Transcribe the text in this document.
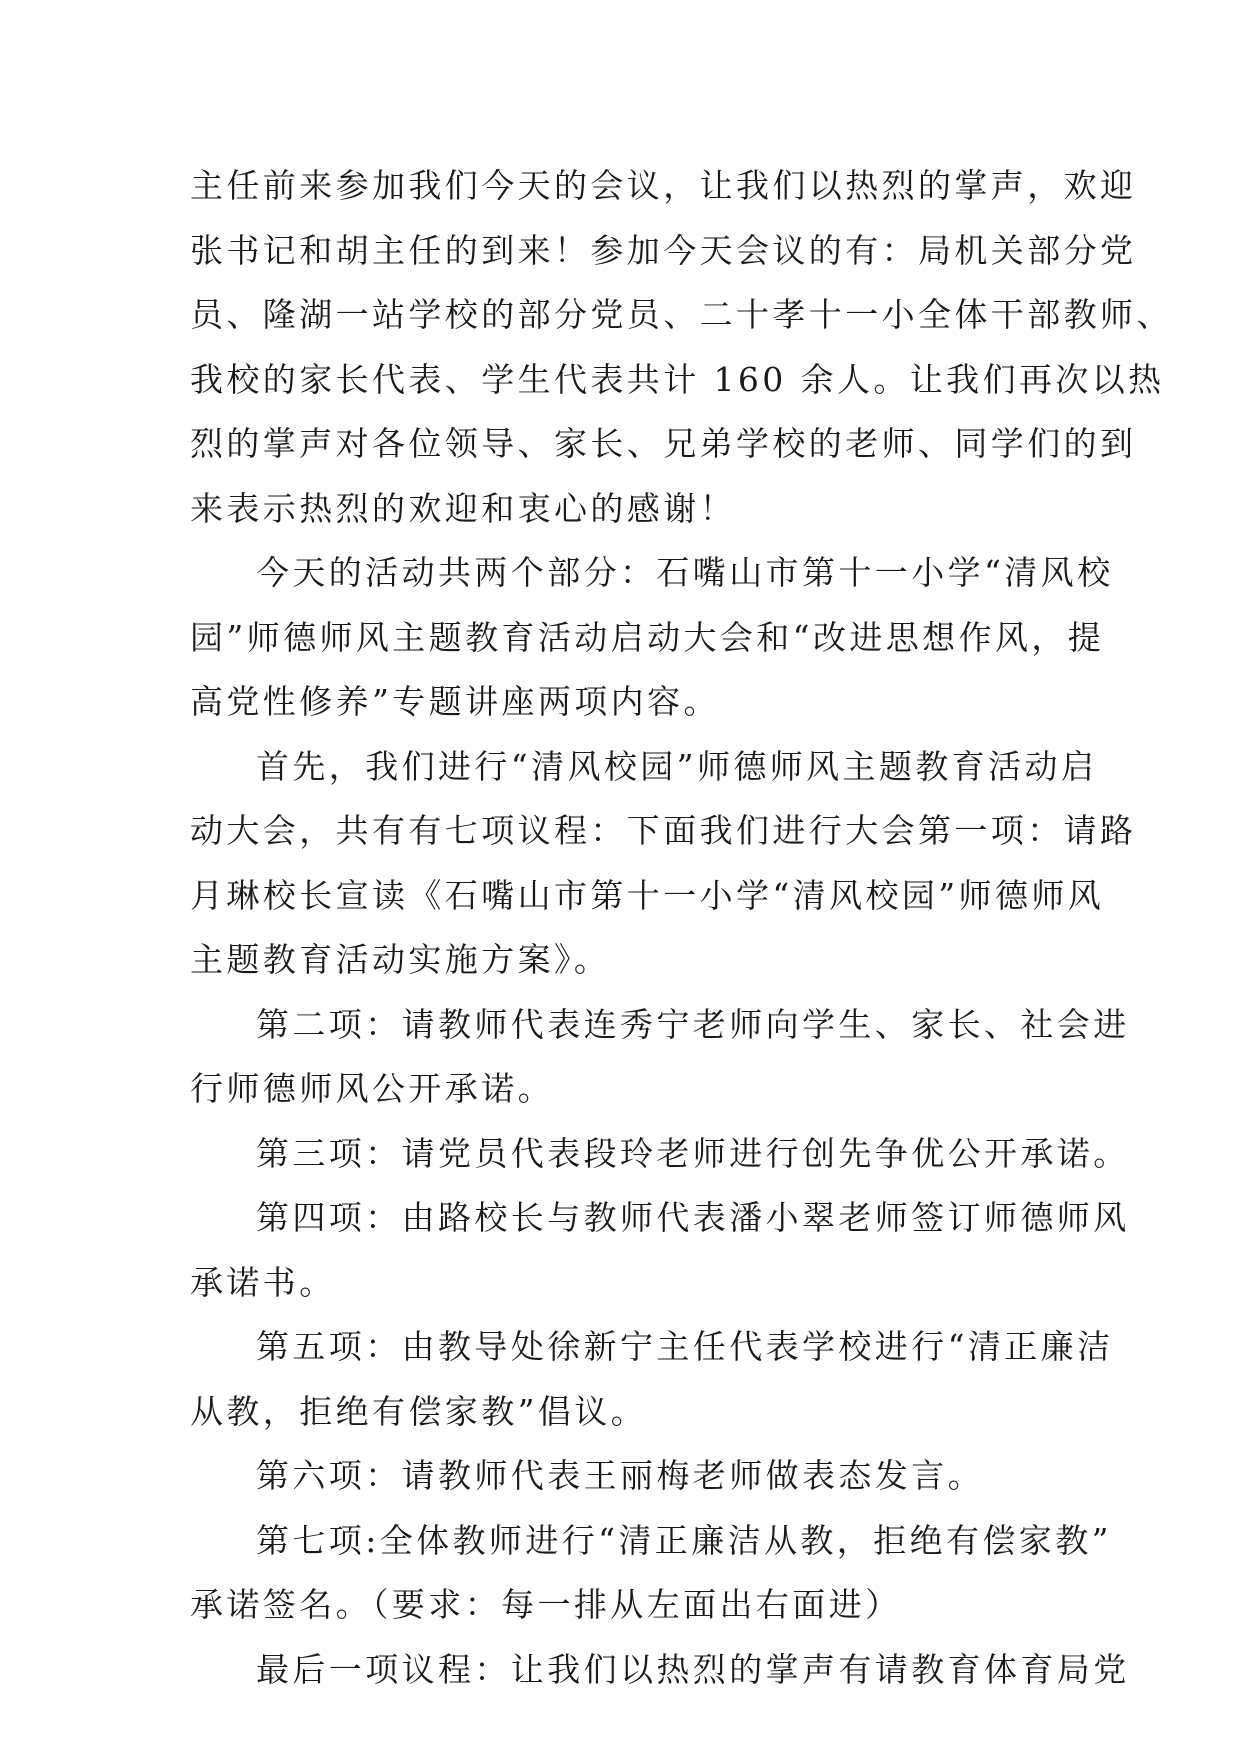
主任前来参加我们今天的会议，让我们以热烈的掌声，欢迎
张书记和胡主任的到来！参加今天会议的有：局机关部分党
员、隆湖一站学校的部分党员、二十孝十一小全体干部教师、
我校的家长代表、学生代表共计 160 余人。让我们再次以热
烈的掌声对各位领导、家长、兄弟学校的老师、同学们的到
来表示热烈的欢迎和衷心的感谢！
今天的活动共两个部分：石嘴山市第十一小学“清风校
园”师德师风主题教育活动启动大会和“改进思想作风，提
高党性修养”专题讲座两项内容。
首先，我们进行“清风校园”师德师风主题教育活动启
动大会，共有有七项议程：下面我们进行大会第一项：请路
月琳校长宣读《石嘴山市第十一小学“清风校园”师德师风
主题教育活动实施方案》。
第二项：请教师代表连秀宁老师向学生、家长、社会进
行师德师风公开承诺。
第三项：请党员代表段玲老师进行创先争优公开承诺。
第四项：由路校长与教师代表潘小翠老师签订师德师风
承诺书。
第五项：由教导处徐新宁主任代表学校进行“清正廉洁
从教，拒绝有偿家教”倡议。
第六项：请教师代表王丽梅老师做表态发言。
第七项:全体教师进行“清正廉洁从教，拒绝有偿家教”
承诺签名。（要求：每一排从左面出右面进）
最后一项议程：让我们以热烈的掌声有请教育体育局党
